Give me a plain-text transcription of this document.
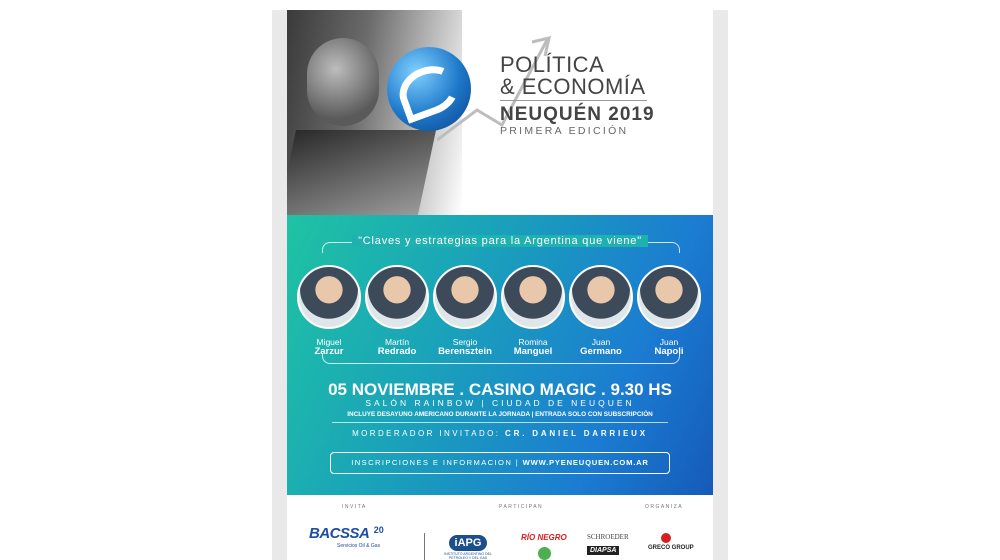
POLÍTICA
& ECONOMÍA
NEUQUÉN 2019
PRIMERA EDICIÓN
"Claves y estrategias para la Argentina que viene"
Miguel
Zarzur
Martín
Redrado
Sergio
Berensztein
Romina
Manguel
Juan
Germano
Juan
Napoli
05 NOVIEMBRE . CASINO MAGIC . 9.30 HS
SALÓN RAINBOW | CIUDAD DE NEUQUEN
INCLUYE DESAYUNO AMERICANO DURANTE LA JORNADA | ENTRADA SOLO CON SUBSCRIPCIÓN
MORDERADOR INVITADO: CR. DANIEL DARRIEUX
INSCRIPCIONES E INFORMACION | WWW.PYENEUQUEN.COM.AR
INVITA	PARTICIPAN	ORGANIZA
BACSSA $^{20}$
Servicios Oil & Gas	iAPG
INSTITUTO ARGENTINO DEL PETROLEO Y DEL GAS
RÍO NEGRO	SCHROEDER
DIAPSA	GRECO GROUP
